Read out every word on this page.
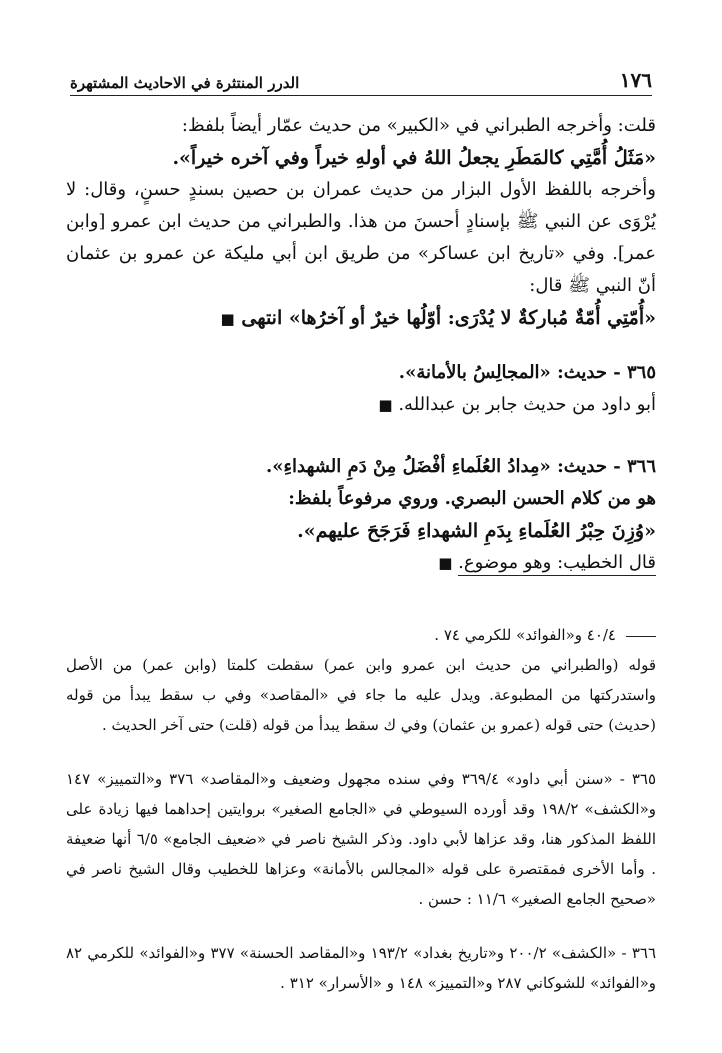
١٧٦
الدرر المنتثرة في الاحاديث المشتهرة

قلت: وأخرجه الطبراني في «الكبير» من حديث عمّار أيضاً بلفظ:

«مَثَلُ أُمَّتِي كالمَطَرِ يجعلُ اللهُ في أولهِ خيراً وفي آخره خيراً».

وأخرجه باللفظ الأول البزار من حديث عمران بن حصين بسندٍ حسنٍ، وقال: لا يُرْوَى عن النبي ﷺ بإسنادٍ أحسنَ من هذا. والطبراني من حديث ابن عمرو [وابن عمر]. وفي «تاريخ ابن عساكر» من طريق ابن أبي مليكة عن عمرو بن عثمان أنّ النبي ﷺ قال:

«أُمّتِي أُمّةٌ مُباركةٌ لا يُدْرَى: أوّلُها خيرٌ أو آخرُها» انتهى ■

٣٦٥ - حديث: «المجالِسُ بالأمانة».

أبو داود من حديث جابر بن عبدالله. ■

٣٦٦ - حديث: «مِدادُ العُلَماءِ أفْضَلُ مِنْ دَمِ الشهداءِ».

هو من كلام الحسن البصري. وروي مرفوعاً بلفظ:

«وُزِنَ حِبْرُ العُلَماءِ بِدَمِ الشهداءِ فَرَجَحَ عليهم».

قال الخطيب: وهو موضوع. ■

٤٠/٤ و«الفوائد» للكرمي ٧٤ .

قوله (والطبراني من حديث ابن عمرو وابن عمر) سقطت كلمتا (وابن عمر) من الأصل واستدركتها من المطبوعة. ويدل عليه ما جاء في «المقاصد» وفي ب سقط يبدأ من قوله (حديث) حتى قوله (عمرو بن عثمان) وفي ك سقط يبدأ من قوله (قلت) حتى آخر الحديث .

٣٦٥ - «سنن أبي داود» ٣٦٩/٤ وفي سنده مجهول وضعيف و«المقاصد» ٣٧٦ و«التمييز» ١٤٧ و«الكشف» ١٩٨/٢ وقد أورده السيوطي في «الجامع الصغير» بروايتين إحداهما فيها زيادة على اللفظ المذكور هنا، وقد عزاها لأبي داود. وذكر الشيخ ناصر في «ضعيف الجامع» ٦/٥ أنها ضعيفة . وأما الأخرى فمقتصرة على قوله «المجالس بالأمانة» وعزاها للخطيب وقال الشيخ ناصر في «صحيح الجامع الصغير» ١١/٦ : حسن .

٣٦٦ - «الكشف» ٢٠٠/٢ و«تاريخ بغداد» ١٩٣/٢ و«المقاصد الحسنة» ٣٧٧ و«الفوائد» للكرمي ٨٢ و«الفوائد» للشوكاني ٢٨٧ و«التمييز» ١٤٨ و «الأسرار» ٣١٢ .
